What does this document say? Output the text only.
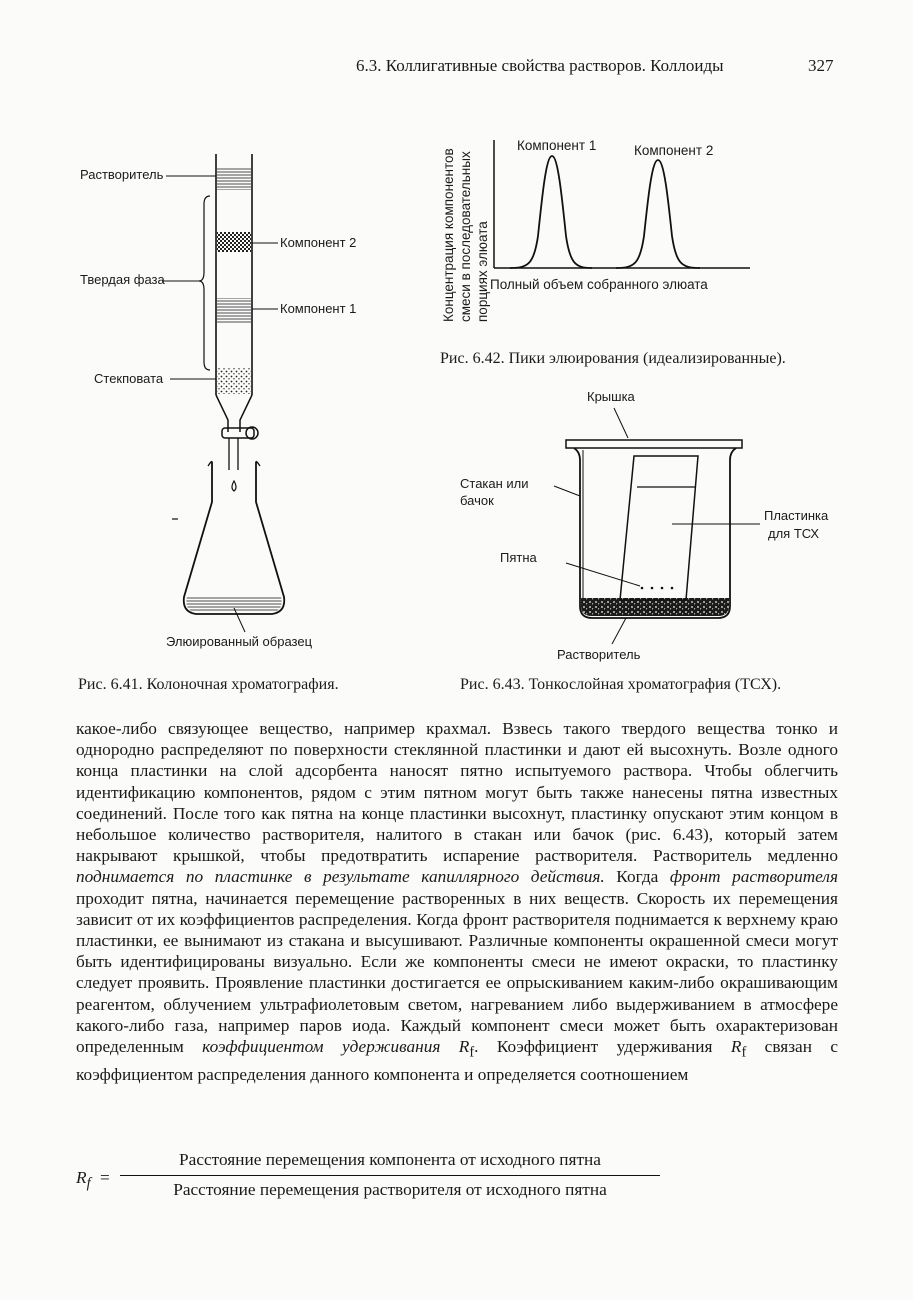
6.3. Коллигативные свойства растворов. Коллоиды	327
Растворитель
Компонент 2
Твердая фаза
Компонент 1
Стекповата
Элюированный образец
Рис. 6.41. Колоночная хроматография.
Концентрация компонентов смеси в последовательных порциях элюата
Компонент 1	Компонент 2
Полный объем собранного элюата
Рис. 6.42. Пики элюирования (идеализированные).
Крышка
Стакан или
бачок
Пластинка
для ТСХ
Пятна
Растворитель
Рис. 6.43. Тонкослойная хроматография (ТСХ).
какое-либо связующее вещество, например крахмал. Взвесь такого твердого вещества тонко и однородно распределяют по поверхности стеклянной пластинки и дают ей высохнуть. Возле одного конца пластинки на слой адсорбента наносят пятно испытуемого раствора. Чтобы облегчить идентификацию компонентов, рядом с этим пятном могут быть также нанесены пятна известных соединений. После того как пятна на конце пластинки высохнут, пластинку опускают этим концом в небольшое количество растворителя, налитого в стакан или бачок (рис. 6.43), который затем накрывают крышкой, чтобы предотвратить испарение растворителя. Растворитель медленно поднимается по пластинке в результате капиллярного действия. Когда фронт растворителя проходит пятна, начинается перемещение растворенных в них веществ. Скорость их перемещения зависит от их коэффициентов распределения. Когда фронт растворителя поднимается к верхнему краю пластинки, ее вынимают из стакана и высушивают. Различные компоненты окрашенной смеси могут быть идентифицированы визуально. Если же компоненты смеси не имеют окраски, то пластинку следует проявить. Проявление пластинки достигается ее опрыскиванием каким-либо окрашивающим реагентом, облучением ультрафиолетовым светом, нагреванием либо выдерживанием в атмосфере какого-либо газа, например паров иода. Каждый компонент смеси может быть охарактеризован определенным коэффициентом удерживания $R_f$. Коэффициент удерживания $R_f$ связан с коэффициентом распределения данного компонента и определяется соотношением
$R_f$ =
Расстояние перемещения компонента от исходного пятна
Расстояние перемещения растворителя от исходного пятна
